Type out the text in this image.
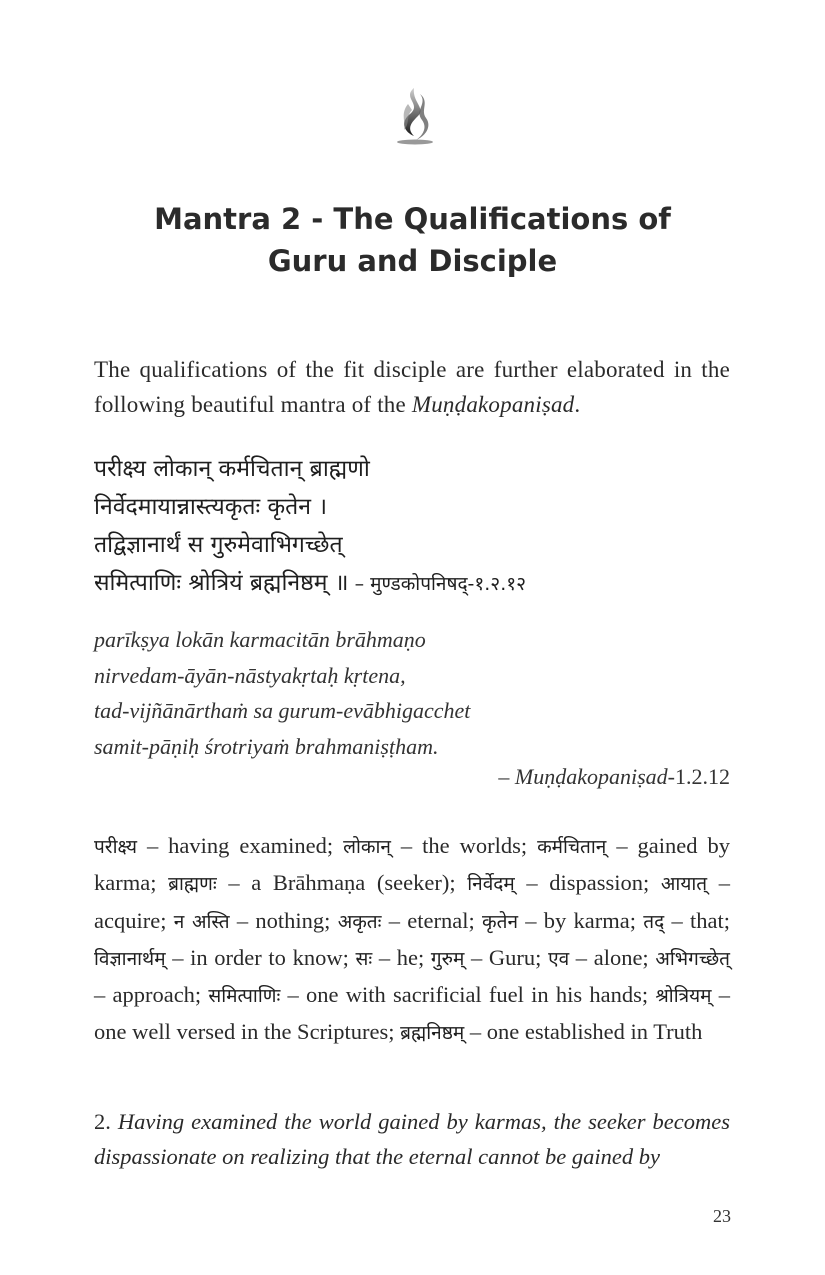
Mantra 2 - The Qualifications of
Guru and Disciple

The qualifications of the fit disciple are further elaborated in the following beautiful mantra of the Muṇḍakopaniṣad.

परीक्ष्य लोकान् कर्मचितान् ब्राह्मणो
निर्वेदमायान्नास्त्यकृतः कृतेन ।
तद्विज्ञानार्थं स गुरुमेवाभिगच्छेत्
समित्पाणिः श्रोत्रियं ब्रह्मनिष्ठम् ॥ – मुण्डकोपनिषद्-१.२.१२
parīkṣya lokān karmacitān brāhmaṇo
nirvedam-āyān-nāstyakṛtaḥ kṛtena,
tad-vijñānārthaṁ sa gurum-evābhigacchet
samit-pāṇiḥ śrotriyaṁ brahmaniṣṭham.
– Muṇḍakopaniṣad-1.2.12

परीक्ष्य – having examined; लोकान् – the worlds; कर्मचितान् – gained by karma; ब्राह्मणः – a Brāhmaṇa (seeker); निर्वेदम् – dispassion; आयात् – acquire; न अस्ति – nothing; अकृतः – eternal; कृतेन – by karma; तद् – that; विज्ञानार्थम् – in order to know; सः – he; गुरुम् – Guru; एव – alone; अभिगच्छेत् – approach; समित्पाणिः – one with sacrificial fuel in his hands; श्रोत्रियम् – one well versed in the Scriptures; ब्रह्मनिष्ठम् – one established in Truth

2. Having examined the world gained by karmas, the seeker becomes dispassionate on realizing that the eternal cannot be gained by

23
